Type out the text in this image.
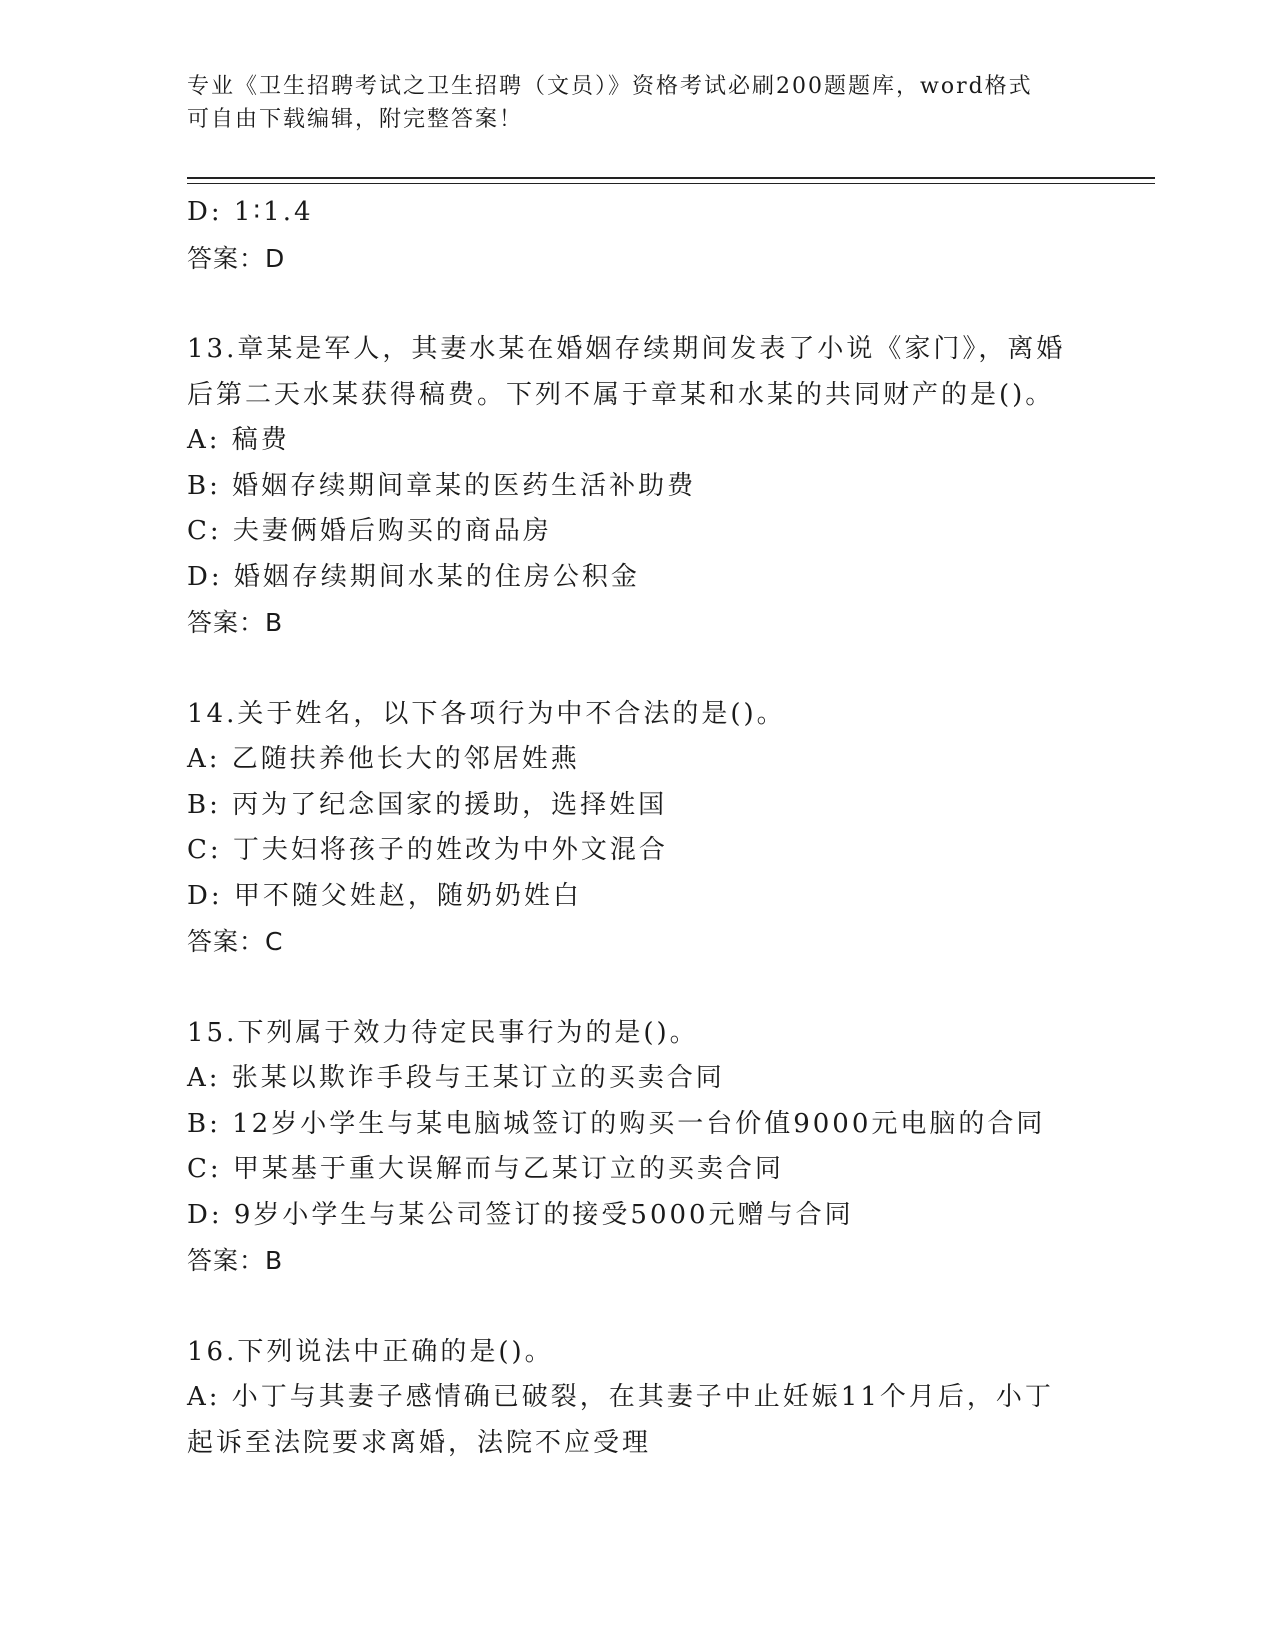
专业《卫生招聘考试之卫生招聘（文员）》资格考试必刷200题题库，word格式
可自由下载编辑，附完整答案！
D: 1∶1.4
答案：D
13.章某是军人，其妻水某在婚姻存续期间发表了小说《家门》，离婚
后第二天水某获得稿费。下列不属于章某和水某的共同财产的是()。
A: 稿费
B: 婚姻存续期间章某的医药生活补助费
C: 夫妻俩婚后购买的商品房
D: 婚姻存续期间水某的住房公积金
答案：B
14.关于姓名，以下各项行为中不合法的是()。
A: 乙随扶养他长大的邻居姓燕
B: 丙为了纪念国家的援助，选择姓国
C: 丁夫妇将孩子的姓改为中外文混合
D: 甲不随父姓赵，随奶奶姓白
答案：C
15.下列属于效力待定民事行为的是()。
A: 张某以欺诈手段与王某订立的买卖合同
B: 12岁小学生与某电脑城签订的购买一台价值9000元电脑的合同
C: 甲某基于重大误解而与乙某订立的买卖合同
D: 9岁小学生与某公司签订的接受5000元赠与合同
答案：B
16.下列说法中正确的是()。
A: 小丁与其妻子感情确已破裂，在其妻子中止妊娠11个月后，小丁
起诉至法院要求离婚，法院不应受理
